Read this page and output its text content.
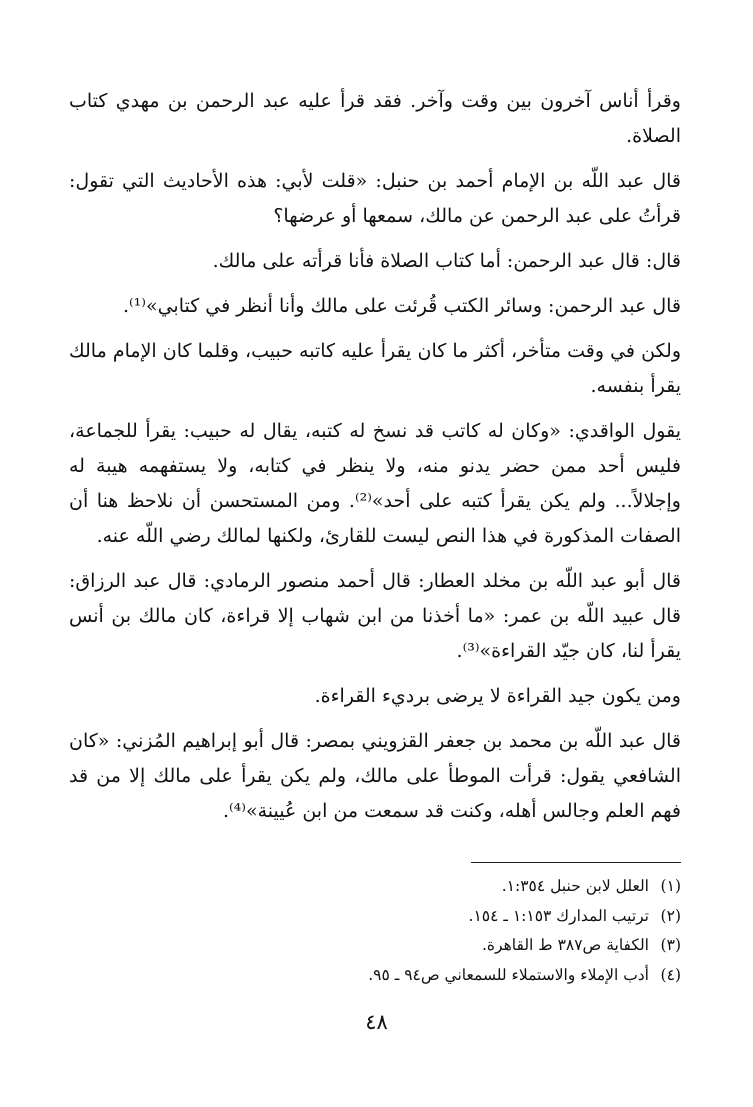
وقرأ أناس آخرون بين وقت وآخر. فقد قرأ عليه عبد الرحمن بن مهدي كتاب الصلاة.

قال عبد اللّه بن الإمام أحمد بن حنبل: «قلت لأبي: هذه الأحاديث التي تقول: قرأتُ على عبد الرحمن عن مالك، سمعها أو عرضها؟

قال: قال عبد الرحمن: أما كتاب الصلاة فأنا قرأته على مالك.

قال عبد الرحمن: وسائر الكتب قُرئت على مالك وأنا أنظر في كتابي»⁽¹⁾.

ولكن في وقت متأخر، أكثر ما كان يقرأ عليه كاتبه حبيب، وقلما كان الإمام مالك يقرأ بنفسه.

يقول الواقدي: «وكان له كاتب قد نسخ له كتبه، يقال له حبيب: يقرأ للجماعة، فليس أحد ممن حضر يدنو منه، ولا ينظر في كتابه، ولا يستفهمه هيبة له وإجلالاً... ولم يكن يقرأ كتبه على أحد»⁽²⁾. ومن المستحسن أن نلاحظ هنا أن الصفات المذكورة في هذا النص ليست للقارئ، ولكنها لمالك رضي اللّه عنه.

قال أبو عبد اللّه بن مخلد العطار: قال أحمد منصور الرمادي: قال عبد الرزاق: قال عبيد اللّه بن عمر: «ما أخذنا من ابن شهاب إلا قراءة، كان مالك بن أنس يقرأ لنا، كان جيّد القراءة»⁽³⁾.

ومن يكون جيد القراءة لا يرضى برديء القراءة.

قال عبد اللّه بن محمد بن جعفر القزويني بمصر: قال أبو إبراهيم المُزني: «كان الشافعي يقول: قرأت الموطأ على مالك، ولم يكن يقرأ على مالك إلا من قد فهم العلم وجالس أهله، وكنت قد سمعت من ابن عُيينة»⁽⁴⁾.

(١)العلل لابن حنبل ١:٣٥٤.
(٢)ترتيب المدارك ١:١٥٣ ـ ١٥٤.
(٣)الكفاية ص٣٨٧ ط القاهرة.
(٤)أدب الإملاء والاستملاء للسمعاني ص٩٤ ـ ٩٥.
٤٨
